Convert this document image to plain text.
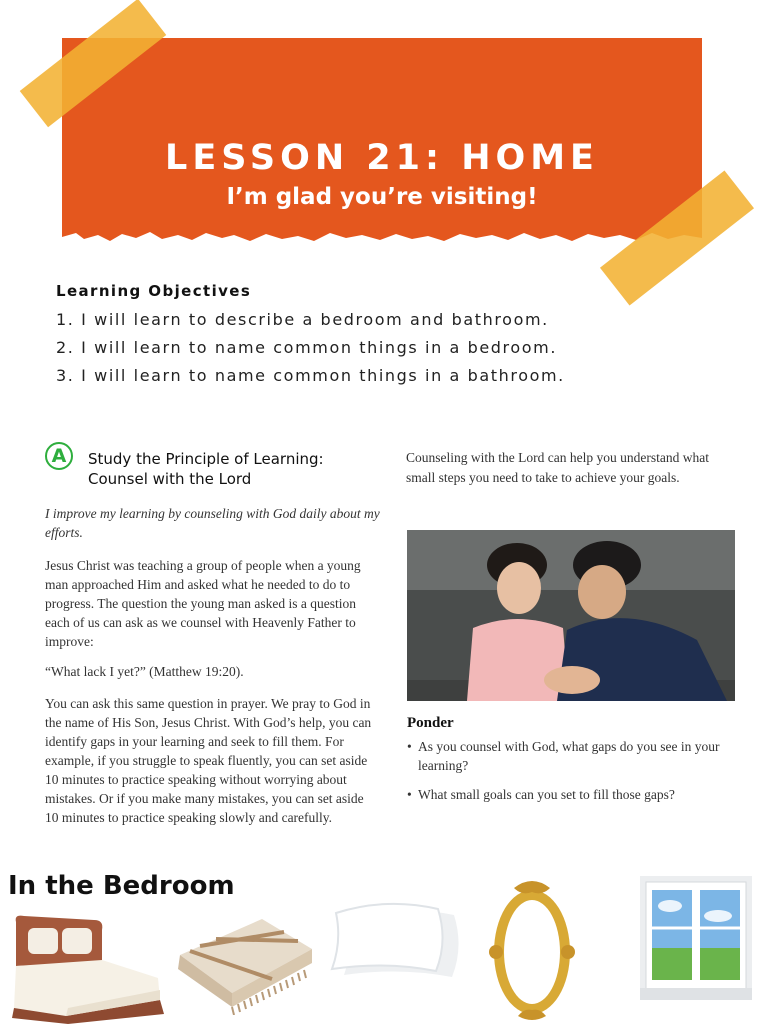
LESSON 21: HOME
I’m glad you’re visiting!
Learning Objectives
1. I will learn to describe a bedroom and bathroom.
2. I will learn to name common things in a bedroom.
3. I will learn to name common things in a bathroom.
A	Study the Principle of Learning: Counsel with the Lord
I improve my learning by counseling with God daily about my efforts.
Jesus Christ was teaching a group of people when a young man approached Him and asked what he needed to do to progress. The question the young man asked is a question each of us can ask as we counsel with Heavenly Father to improve:
“What lack I yet?” (Matthew 19:20).
You can ask this same question in prayer. We pray to God in the name of His Son, Jesus Christ. With God’s help, you can identify gaps in your learning and seek to fill them. For example, if you struggle to speak fluently, you can set aside 10 minutes to practice speaking without worrying about mistakes. Or if you make many mistakes, you can set aside 10 minutes to practice speaking slowly and carefully.
Counseling with the Lord can help you understand what small steps you need to take to achieve your goals.
Ponder
• As you counsel with God, what gaps do you see in your learning?
• What small goals can you set to fill those gaps?
In the Bedroom
